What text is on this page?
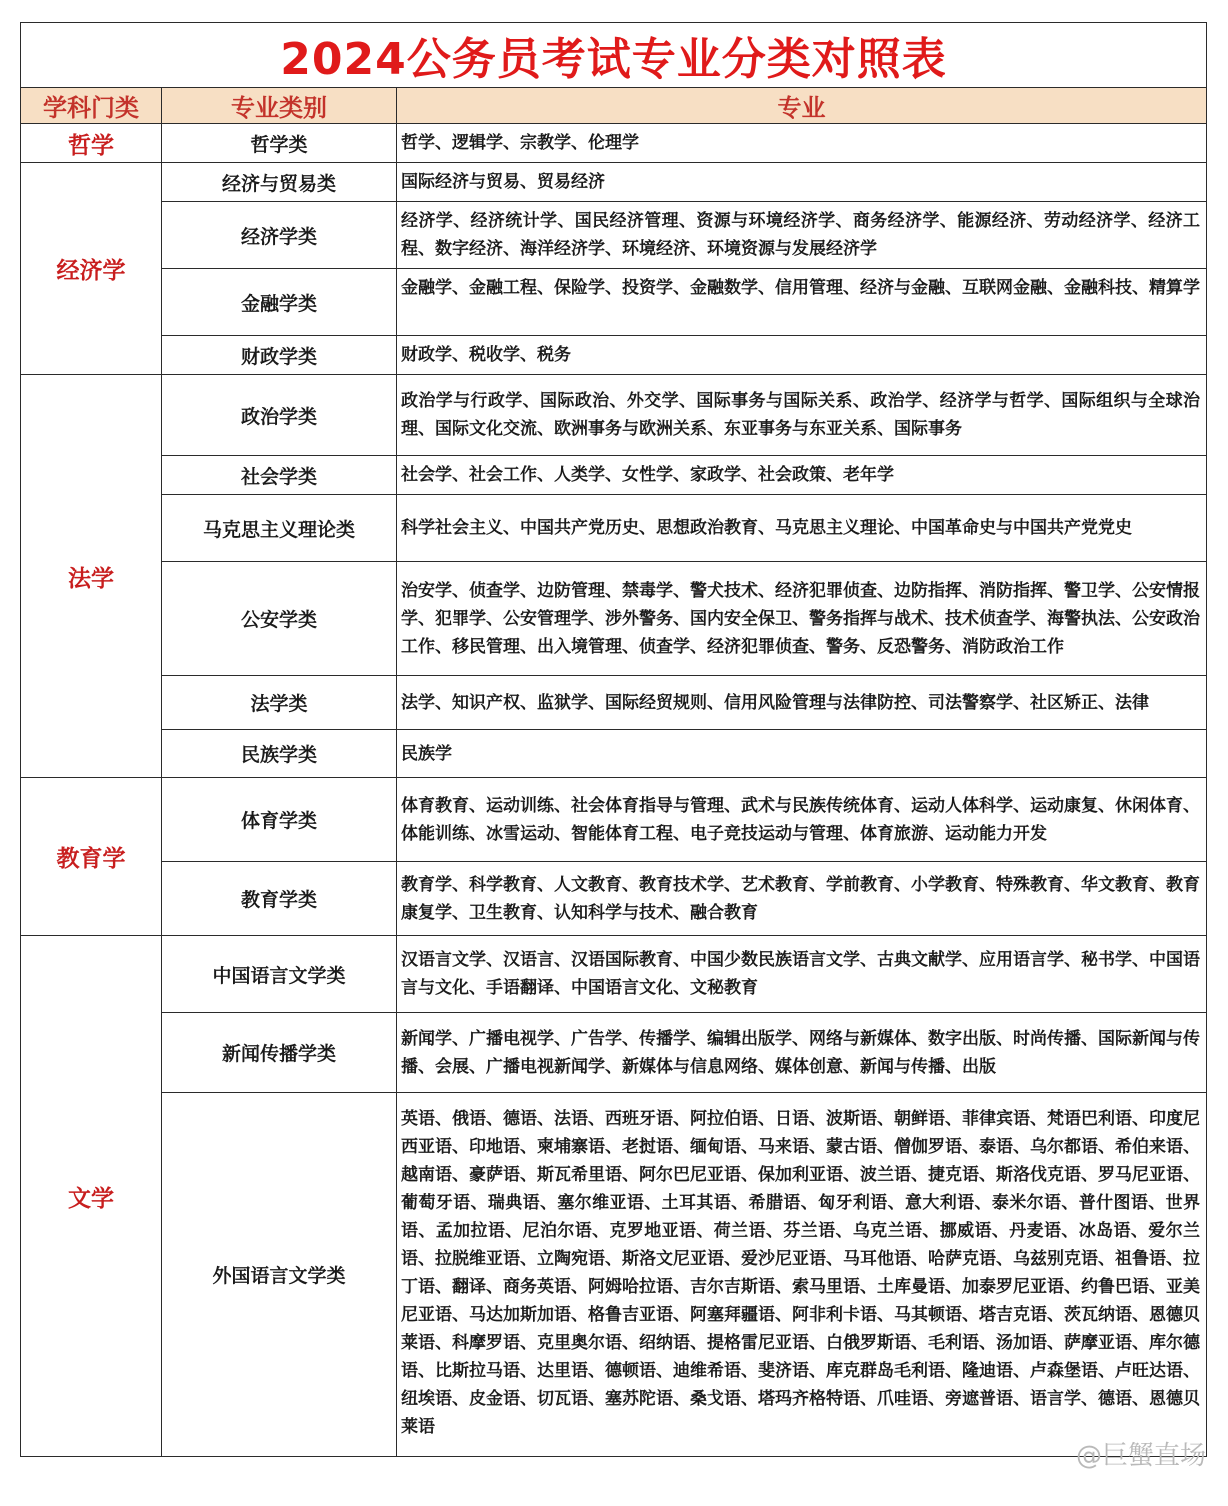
2024公务员考试专业分类对照表		
学科门类	专业类别	专业
哲学	哲学类	哲学、逻辑学、宗教学、伦理学
经济学	经济与贸易类	国际经济与贸易、贸易经济
	经济学类	经济学、经济统计学、国民经济管理、资源与环境经济学、商务经济学、能源经济、劳动经济学、经济工程、数字经济、海洋经济学、环境经济、环境资源与发展经济学
	金融学类	金融学、金融工程、保险学、投资学、金融数学、信用管理、经济与金融、互联网金融、金融科技、精算学
	财政学类	财政学、税收学、税务
法学	政治学类	政治学与行政学、国际政治、外交学、国际事务与国际关系、政治学、经济学与哲学、国际组织与全球治理、国际文化交流、欧洲事务与欧洲关系、东亚事务与东亚关系、国际事务
	社会学类	社会学、社会工作、人类学、女性学、家政学、社会政策、老年学
	马克思主义理论类	科学社会主义、中国共产党历史、思想政治教育、马克思主义理论、中国革命史与中国共产党党史
	公安学类	治安学、侦查学、边防管理、禁毒学、警犬技术、经济犯罪侦查、边防指挥、消防指挥、警卫学、公安情报学、犯罪学、公安管理学、涉外警务、国内安全保卫、警务指挥与战术、技术侦查学、海警执法、公安政治工作、移民管理、出入境管理、侦查学、经济犯罪侦查、警务、反恐警务、消防政治工作
	法学类	法学、知识产权、监狱学、国际经贸规则、信用风险管理与法律防控、司法警察学、社区矫正、法律
	民族学类	民族学
教育学	体育学类	体育教育、运动训练、社会体育指导与管理、武术与民族传统体育、运动人体科学、运动康复、休闲体育、体能训练、冰雪运动、智能体育工程、电子竞技运动与管理、体育旅游、运动能力开发
	教育学类	教育学、科学教育、人文教育、教育技术学、艺术教育、学前教育、小学教育、特殊教育、华文教育、教育康复学、卫生教育、认知科学与技术、融合教育
文学	中国语言文学类	汉语言文学、汉语言、汉语国际教育、中国少数民族语言文学、古典文献学、应用语言学、秘书学、中国语言与文化、手语翻译、中国语言文化、文秘教育
	新闻传播学类	新闻学、广播电视学、广告学、传播学、编辑出版学、网络与新媒体、数字出版、时尚传播、国际新闻与传播、会展、广播电视新闻学、新媒体与信息网络、媒体创意、新闻与传播、出版
	外国语言文学类	英语、俄语、德语、法语、西班牙语、阿拉伯语、日语、波斯语、朝鲜语、菲律宾语、梵语巴利语、印度尼西亚语、印地语、柬埔寨语、老挝语、缅甸语、马来语、蒙古语、僧伽罗语、泰语、乌尔都语、希伯来语、越南语、豪萨语、斯瓦希里语、阿尔巴尼亚语、保加利亚语、波兰语、捷克语、斯洛伐克语、罗马尼亚语、葡萄牙语、瑞典语、塞尔维亚语、土耳其语、希腊语、匈牙利语、意大利语、泰米尔语、普什图语、世界语、孟加拉语、尼泊尔语、克罗地亚语、荷兰语、芬兰语、乌克兰语、挪威语、丹麦语、冰岛语、爱尔兰语、拉脱维亚语、立陶宛语、斯洛文尼亚语、爱沙尼亚语、马耳他语、哈萨克语、乌兹别克语、祖鲁语、拉丁语、翻译、商务英语、阿姆哈拉语、吉尔吉斯语、索马里语、土库曼语、加泰罗尼亚语、约鲁巴语、亚美尼亚语、马达加斯加语、格鲁吉亚语、阿塞拜疆语、阿非利卡语、马其顿语、塔吉克语、茨瓦纳语、恩德贝莱语、科摩罗语、克里奥尔语、绍纳语、提格雷尼亚语、白俄罗斯语、毛利语、汤加语、萨摩亚语、库尔德语、比斯拉马语、达里语、德顿语、迪维希语、斐济语、库克群岛毛利语、隆迪语、卢森堡语、卢旺达语、纽埃语、皮金语、切瓦语、塞苏陀语、桑戈语、塔玛齐格特语、爪哇语、旁遮普语、语言学、德语、恩德贝莱语
@巨蟹直场
